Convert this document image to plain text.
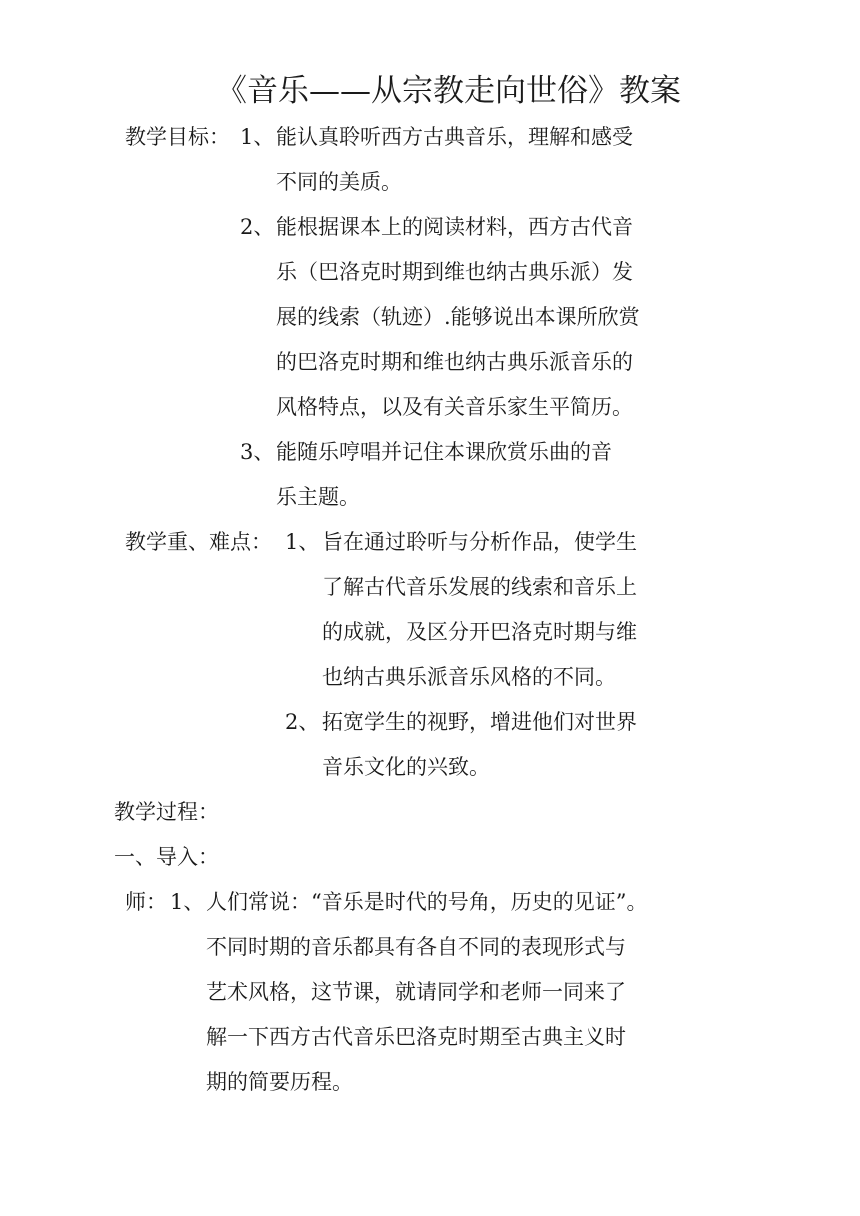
《音乐——从宗教走向世俗》教案
教学目标： 1、 能认真聆听西方古典音乐，理解和感受
不同的美质。
2、 能根据课本上的阅读材料，西方古代音
乐（巴洛克时期到维也纳古典乐派）发
展的线索（轨迹）.能够说出本课所欣赏
的巴洛克时期和维也纳古典乐派音乐的
风格特点，以及有关音乐家生平简历。
3、 能随乐哼唱并记住本课欣赏乐曲的音
乐主题。
教学重、难点： 1、 旨在通过聆听与分析作品，使学生
了解古代音乐发展的线索和音乐上
的成就，及区分开巴洛克时期与维
也纳古典乐派音乐风格的不同。
2、 拓宽学生的视野，增进他们对世界
音乐文化的兴致。
教学过程：
一、导入：
师： 1、 人们常说：“音乐是时代的号角，历史的见证”。
不同时期的音乐都具有各自不同的表现形式与
艺术风格，这节课，就请同学和老师一同来了
解一下西方古代音乐巴洛克时期至古典主义时
期的简要历程。
